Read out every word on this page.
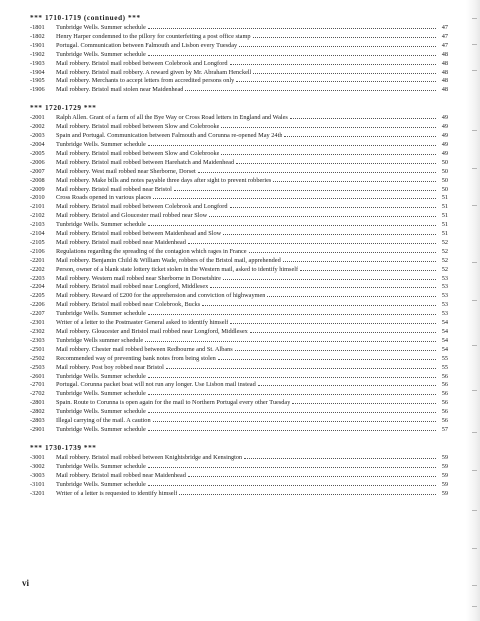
*** 1710-1719 (continued) ***
-1801	Tunbridge Wells. Summer schedule	47
-1802	Henry Harper condemned to the pillory for counterfeiting a post office stamp	47
-1901	Portugal. Communication between Falmouth and Lisbon every Tuesday	47
-1902	Tunbridge Wells. Summer schedule	48
-1903	Mail robbery. Bristol mail robbed between Colebrook and Longford	48
-1904	Mail robbery. Bristol mail robbery. A reward given by Mr. Abraham Henckell	48
-1905	Mail robbery. Merchants to accept letters from accredited persons only	48
-1906	Mail robbery. Bristol mail stolen near Maidenhead	48
*** 1720-1729 ***
-2001	Ralph Allen. Grant of a farm of all the Bye Way or Cross Road letters in England and Wales	49
-2002	Mail robbery. Bristol mail robbed between Slow and Colebrooke	49
-2003	Spain and Portugal. Communication between Falmouth and Corunna re-opened May 24th	49
-2004	Tunbridge Wells. Summer schedule	49
-2005	Mail robbery. Bristol mail robbed between Slow and Colebrooke	49
-2006	Mail robbery. Bristol mail robbed between Harehatch and Maidenhead	50
-2007	Mail robbery. West mail robbed near Sherborne, Dorset	50
-2008	Mail robbery. Make bills and notes payable three days after sight to prevent robberies	50
-2009	Mail robbery. Bristol mail robbed near Bristol	50
-2010	Cross Roads opened in various places	51
-2101	Mail robbery. Bristol mail robbed between Colebrook and Longford	51
-2102	Mail robbery. Bristol and Gloucester mail robbed near Slow	51
-2103	Tunbridge Wells. Summer schedule	51
-2104	Mail robbery. Bristol mail robbed between Maidenhead and Slow	51
-2105	Mail robbery. Bristol mail robbed near Maidenhead	52
-2106	Regulations regarding the spreading of the contagion which rages in France	52
-2201	Mail robbery. Benjamin Child & William Wade, robbers of the Bristol mail, apprehended	52
-2202	Person, owner of a blank state lottery ticket stolen in the Western mail, asked to identify himself	52
-2203	Mail robbery. Western mail robbed near Sherborne in Dorsetshire	53
-2204	Mail robbery. Bristol mail robbed near Longford, Middlesex	53
-2205	Mail robbery. Reward of £200 for the apprehension and conviction of highwaymen	53
-2206	Mail robbery. Bristol mail robbed near Colebrook, Bucks	53
-2207	Tunbridge Wells. Summer schedule	53
-2301	Writer of a letter to the Postmaster General asked to identify himself	54
-2302	Mail robbery. Gloucester and Bristol mail robbed near Longford, Middlesex	54
-2303	Tunbridge Wells summer schedule	54
-2501	Mail robbery. Chester mail robbed between Redbourne and St. Albans	54
-2502	Recommended way of preventing bank notes from being stolen	55
-2503	Mail robbery. Post boy robbed near Bristol	55
-2601	Tunbridge Wells. Summer schedule	56
-2701	Portugal. Corunna packet boat will not run any longer. Use Lisbon mail instead	56
-2702	Tunbridge Wells. Summer schedule	56
-2801	Spain. Route to Corunna is open again for the mail to Northern Portugal every other Tuesday	56
-2802	Tunbridge Wells. Summer schedule	56
-2803	Illegal carrying of the mail. A caution	56
-2901	Tunbridge Wells. Summer schedule	57
*** 1730-1739 ***
-3001	Mail robbery. Bristol mail robbed between Knightsbridge and Kensington	59
-3002	Tunbridge Wells. Summer schedule	59
-3003	Mail robbery. Bristol mail robbed near Maidenhead	59
-3101	Tunbridge Wells. Summer schedule	59
-3201	Writer of a letter is requested to identify himself	59
vi
